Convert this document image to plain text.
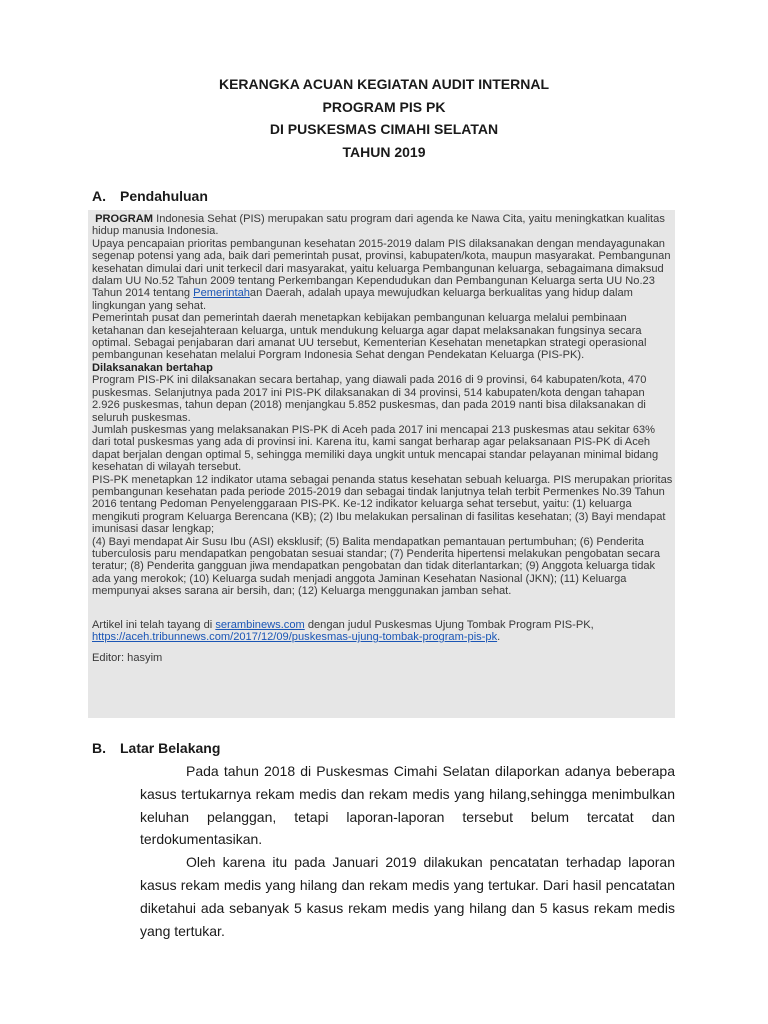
KERANGKA ACUAN KEGIATAN AUDIT INTERNAL
PROGRAM PIS PK
DI PUSKESMAS CIMAHI SELATAN
TAHUN 2019
A. Pendahuluan

PROGRAM Indonesia Sehat (PIS) merupakan satu program dari agenda ke Nawa Cita, yaitu meningkatkan kualitas hidup manusia Indonesia.

Upaya pencapaian prioritas pembangunan kesehatan 2015-2019 dalam PIS dilaksanakan dengan mendayagunakan segenap potensi yang ada, baik dari pemerintah pusat, provinsi, kabupaten/kota, maupun masyarakat. Pembangunan kesehatan dimulai dari unit terkecil dari masyarakat, yaitu keluarga Pembangunan keluarga, sebagaimana dimaksud dalam UU No.52 Tahun 2009 tentang Perkembangan Kependudukan dan Pembangunan Keluarga serta UU No.23 Tahun 2014 tentang Pemerintahan Daerah, adalah upaya mewujudkan keluarga berkualitas yang hidup dalam lingkungan yang sehat.

Pemerintah pusat dan pemerintah daerah menetapkan kebijakan pembangunan keluarga melalui pembinaan ketahanan dan kesejahteraan keluarga, untuk mendukung keluarga agar dapat melaksanakan fungsinya secara optimal. Sebagai penjabaran dari amanat UU tersebut, Kementerian Kesehatan menetapkan strategi operasional pembangunan kesehatan melalui Porgram Indonesia Sehat dengan Pendekatan Keluarga (PIS-PK).

Dilaksanakan bertahap

Program PIS-PK ini dilaksanakan secara bertahap, yang diawali pada 2016 di 9 provinsi, 64 kabupaten/kota, 470 puskesmas. Selanjutnya pada 2017 ini PIS-PK dilaksanakan di 34 provinsi, 514 kabupaten/kota dengan tahapan 2.926 puskesmas, tahun depan (2018) menjangkau 5.852 puskesmas, dan pada 2019 nanti bisa dilaksanakan di seluruh puskesmas.

Jumlah puskesmas yang melaksanakan PIS-PK di Aceh pada 2017 ini mencapai 213 puskesmas atau sekitar 63% dari total puskesmas yang ada di provinsi ini. Karena itu, kami sangat berharap agar pelaksanaan PIS-PK di Aceh dapat berjalan dengan optimal 5, sehingga memiliki daya ungkit untuk mencapai standar pelayanan minimal bidang kesehatan di wilayah tersebut.

PIS-PK menetapkan 12 indikator utama sebagai penanda status kesehatan sebuah keluarga. PIS merupakan prioritas pembangunan kesehatan pada periode 2015-2019 dan sebagai tindak lanjutnya telah terbit Permenkes No.39 Tahun 2016 tentang Pedoman Penyelenggaraan PIS-PK. Ke-12 indikator keluarga sehat tersebut, yaitu: (1) keluarga mengikuti program Keluarga Berencana (KB); (2) Ibu melakukan persalinan di fasilitas kesehatan; (3) Bayi mendapat imunisasi dasar lengkap;

(4) Bayi mendapat Air Susu Ibu (ASI) eksklusif; (5) Balita mendapatkan pemantauan pertumbuhan; (6) Penderita tuberculosis paru mendapatkan pengobatan sesuai standar; (7) Penderita hipertensi melakukan pengobatan secara teratur; (8) Penderita gangguan jiwa mendapatkan pengobatan dan tidak diterlantarkan; (9) Anggota keluarga tidak ada yang merokok; (10) Keluarga sudah menjadi anggota Jaminan Kesehatan Nasional (JKN); (11) Keluarga mempunyai akses sarana air bersih, dan; (12) Keluarga menggunakan jamban sehat.

Artikel ini telah tayang di serambinews.com dengan judul Puskesmas Ujung Tombak Program PIS-PK, https://aceh.tribunnews.com/2017/12/09/puskesmas-ujung-tombak-program-pis-pk.

Editor: hasyim

B. Latar Belakang

Pada tahun 2018 di Puskesmas Cimahi Selatan dilaporkan adanya beberapa kasus tertukarnya rekam medis dan rekam medis yang hilang,sehingga menimbulkan keluhan pelanggan, tetapi laporan-laporan tersebut belum tercatat dan terdokumentasikan.

Oleh karena itu pada Januari 2019 dilakukan pencatatan terhadap laporan kasus rekam medis yang hilang dan rekam medis yang tertukar. Dari hasil pencatatan diketahui ada sebanyak 5 kasus rekam medis yang hilang dan 5 kasus rekam medis yang tertukar.
